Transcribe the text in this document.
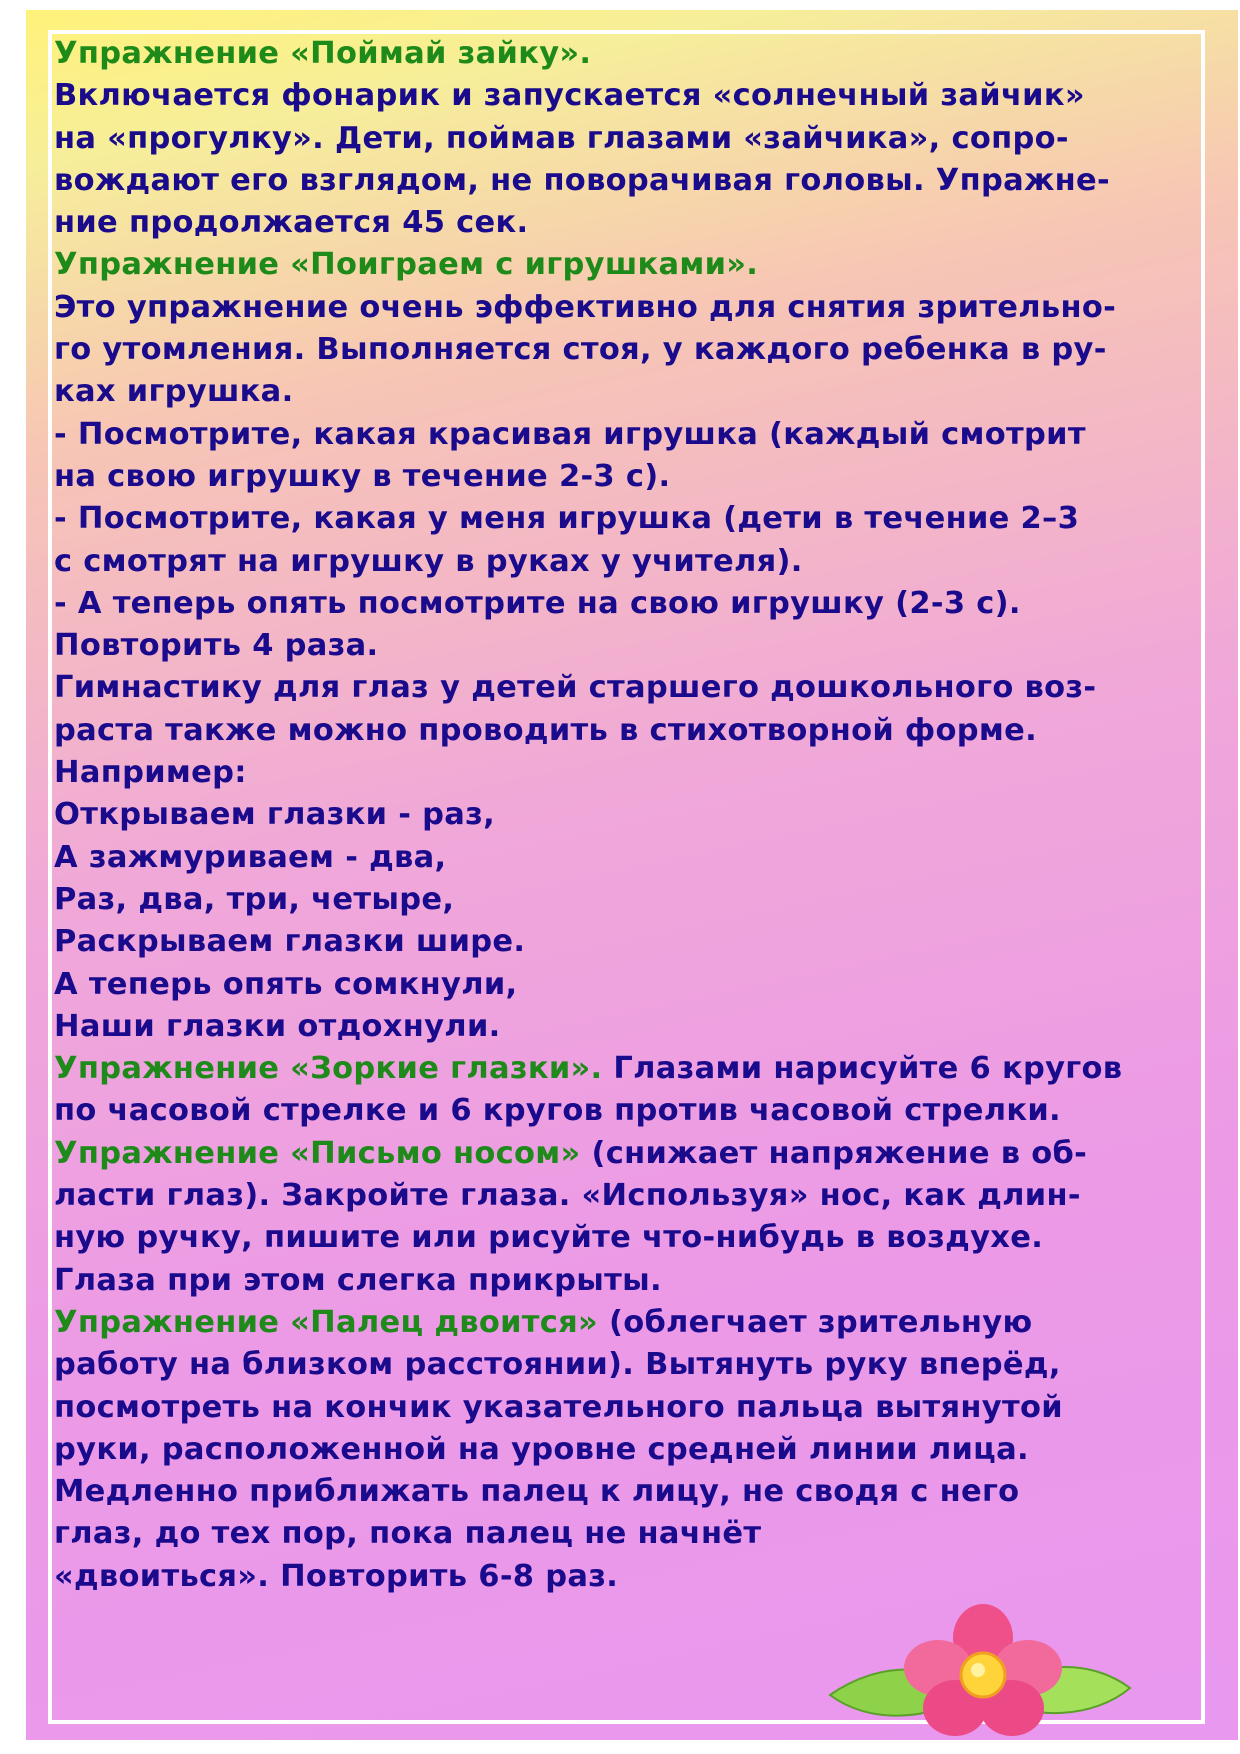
Упражнение «Поймай зайку».
Включается фонарик и запускается «солнечный зайчик»
на «прогулку». Дети, поймав глазами «зайчика», сопро-
вождают его взглядом, не поворачивая головы. Упражне-
ние продолжается 45 сек.
Упражнение «Поиграем с игрушками».
Это упражнение очень эффективно для снятия зрительно-
го утомления. Выполняется стоя, у каждого ребенка в ру-
ках игрушка.
- Посмотрите, какая красивая игрушка (каждый смотрит
на свою игрушку в течение 2-3 с).
- Посмотрите, какая у меня игрушка (дети в течение 2–3
с смотрят на игрушку в руках у учителя).
- А теперь опять посмотрите на свою игрушку (2-3 с).
Повторить 4 раза.
Гимнастику для глаз у детей старшего дошкольного воз-
раста также можно проводить в стихотворной форме.
Например:
Открываем глазки - раз,
А зажмуриваем - два,
Раз, два, три, четыре,
Раскрываем глазки шире.
А теперь опять сомкнули,
Наши глазки отдохнули.
Упражнение «Зоркие глазки». Глазами нарисуйте 6 кругов
по часовой стрелке и 6 кругов против часовой стрелки.
Упражнение «Письмо носом» (снижает напряжение в об-
ласти глаз). Закройте глаза. «Используя» нос, как длин-
ную ручку, пишите или рисуйте что-нибудь в воздухе.
Глаза при этом слегка прикрыты.
Упражнение «Палец двоится» (облегчает зрительную
работу на близком расстоянии). Вытянуть руку вперёд,
посмотреть на кончик указательного пальца вытянутой
руки, расположенной на уровне средней линии лица.
Медленно приближать палец к лицу, не сводя с него
глаз, до тех пор, пока палец не начнёт
«двоиться». Повторить 6-8 раз.
